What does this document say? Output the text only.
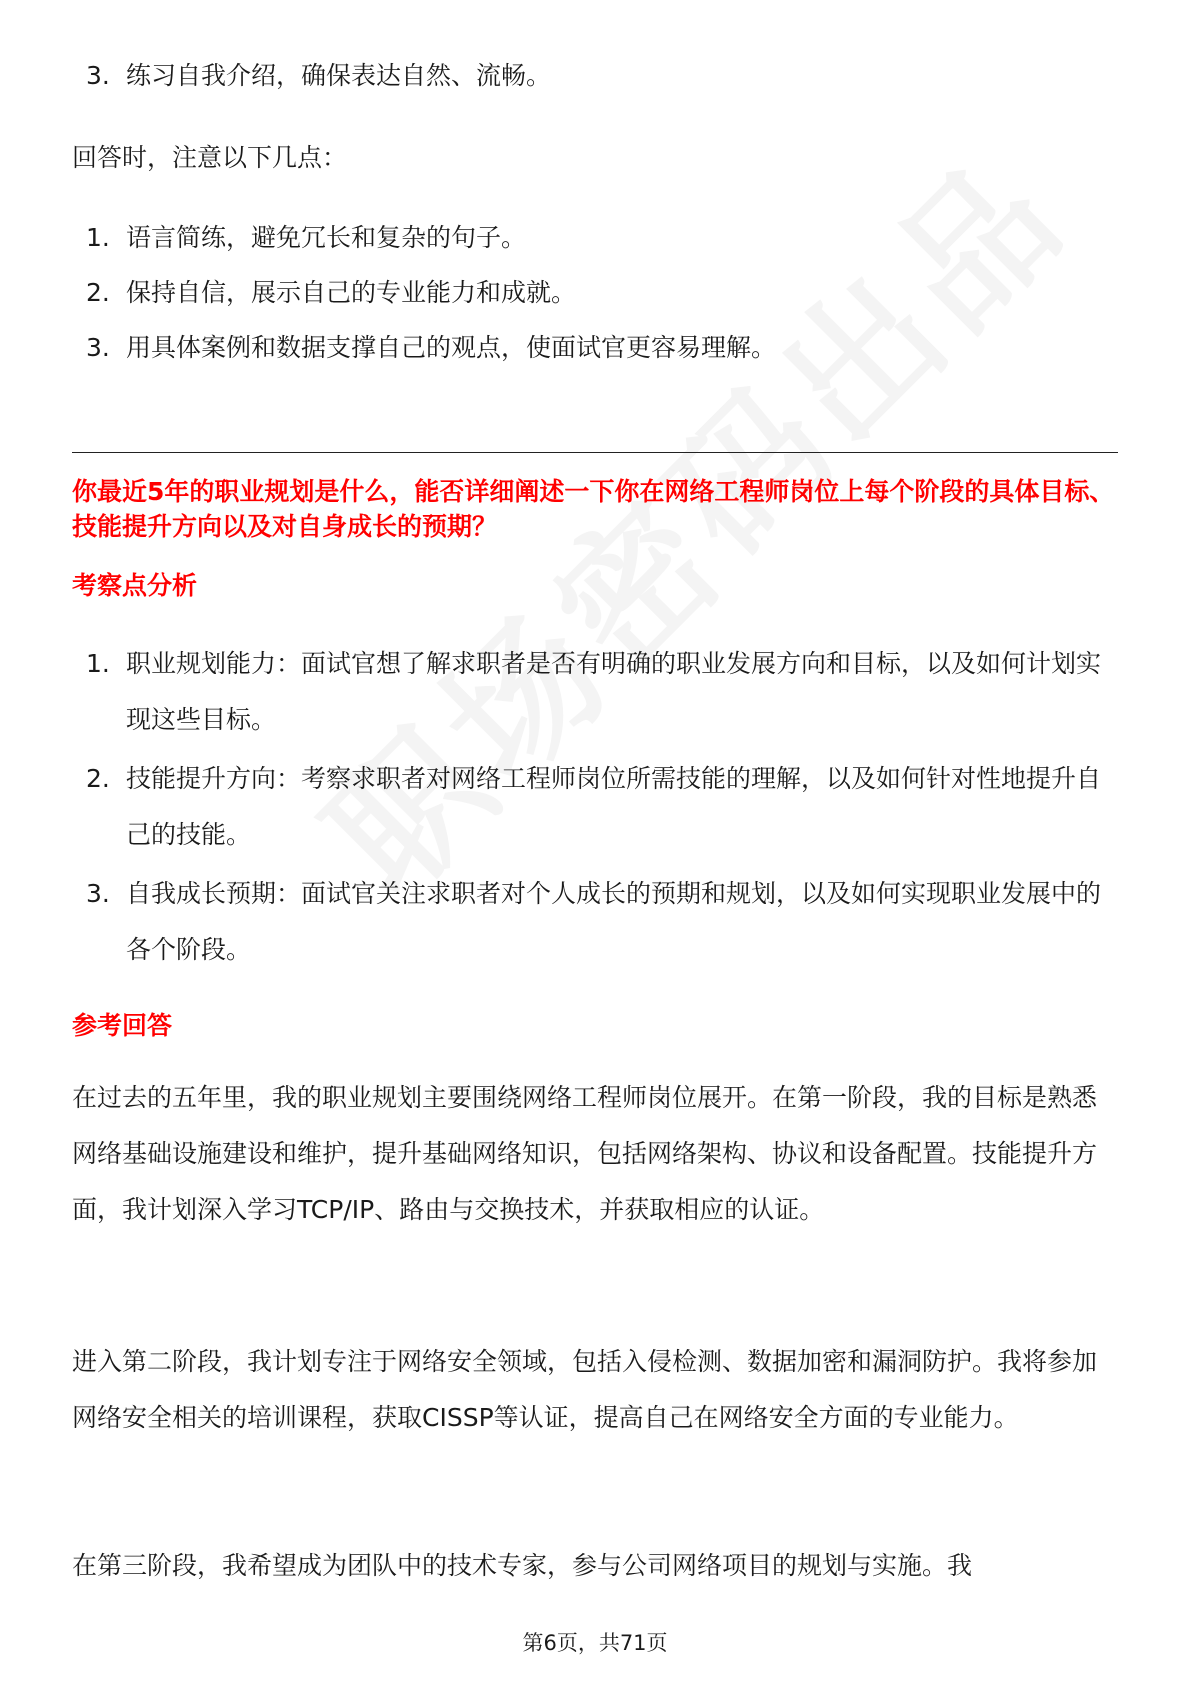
3. 练习自我介绍，确保表达自然、流畅。
回答时，注意以下几点：
1. 语言简练，避免冗长和复杂的句子。
2. 保持自信，展示自己的专业能力和成就。
3. 用具体案例和数据支撑自己的观点，使面试官更容易理解。
你最近5年的职业规划是什么，能否详细阐述一下你在网络工程师岗位上每个阶段的具体目标、技能提升方向以及对自身成长的预期？
考察点分析
1. 职业规划能力：面试官想了解求职者是否有明确的职业发展方向和目标，以及如何计划实现这些目标。
2. 技能提升方向：考察求职者对网络工程师岗位所需技能的理解，以及如何针对性地提升自己的技能。
3. 自我成长预期：面试官关注求职者对个人成长的预期和规划，以及如何实现职业发展中的各个阶段。
参考回答
在过去的五年里，我的职业规划主要围绕网络工程师岗位展开。在第一阶段，我的目标是熟悉网络基础设施建设和维护，提升基础网络知识，包括网络架构、协议和设备配置。技能提升方面，我计划深入学习TCP/IP、路由与交换技术，并获取相应的认证。
进入第二阶段，我计划专注于网络安全领域，包括入侵检测、数据加密和漏洞防护。我将参加网络安全相关的培训课程，获取CISSP等认证，提高自己在网络安全方面的专业能力。
在第三阶段，我希望成为团队中的技术专家，参与公司网络项目的规划与实施。我
第6页，共71页
